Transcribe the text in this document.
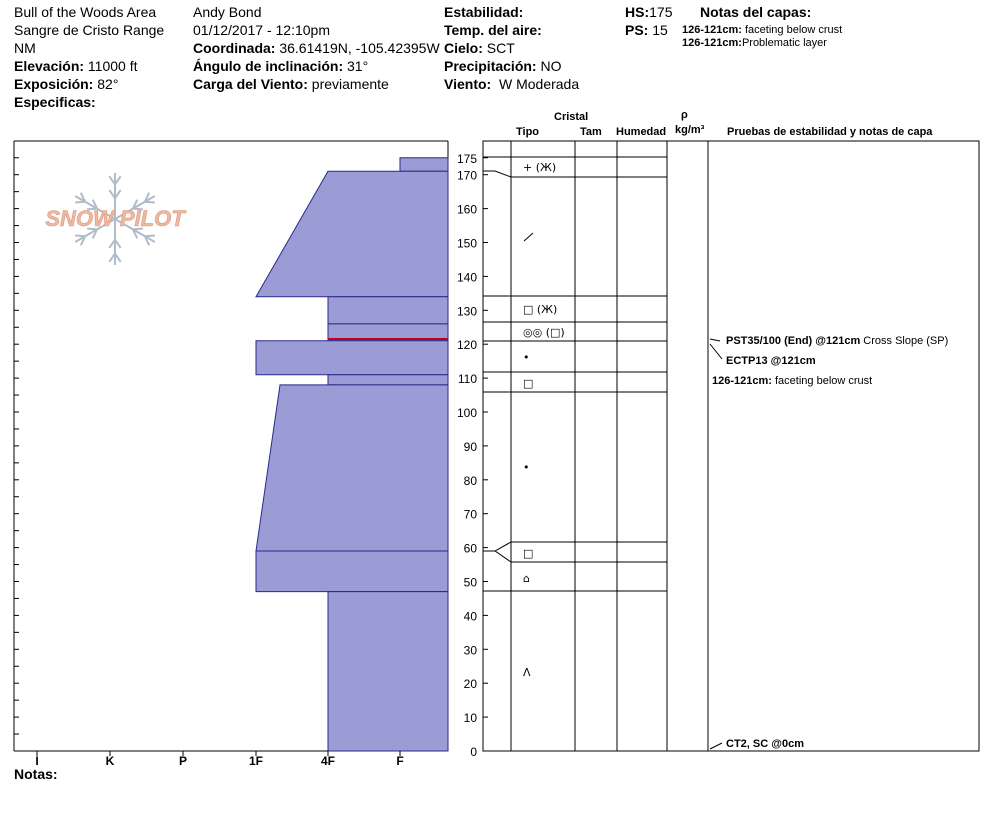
Bull of the Woods Area
Sangre de Cristo Range
NM
Elevación: 11000 ft
Exposición: 82°
Especificas:
Andy Bond
01/12/2017 - 12:10pm
Coordinada: 36.61419N, -105.42395W
Ángulo de inclinación: 31°
Carga del Viento: previamente
Estabilidad:
Temp. del aire:
Cielo: SCT
Precipitación: NO
Viento: W Moderada
HS:175
PS: 15
Notas del capas:
126-121cm: faceting below crust
126-121cm:Problematic layer
SNOW PILOT
I	K	P	1F	4F	F
175
170
160
150
140
130
120
110
100
90
80
70
60
50
40
30
20
10
0
+ (Ж)
□ (Ж)
◎◎ (□)
•
□
•
□
⌂
Λ
Cristal
Tipo	Tam Humedad
ρ
kg/m³ Pruebas de estabilidad y notas de capa
PST35/100 (End) @121cm Cross Slope (SP)
ECTP13 @121cm
126-121cm: faceting below crust
CT2, SC @0cm
Notas:
